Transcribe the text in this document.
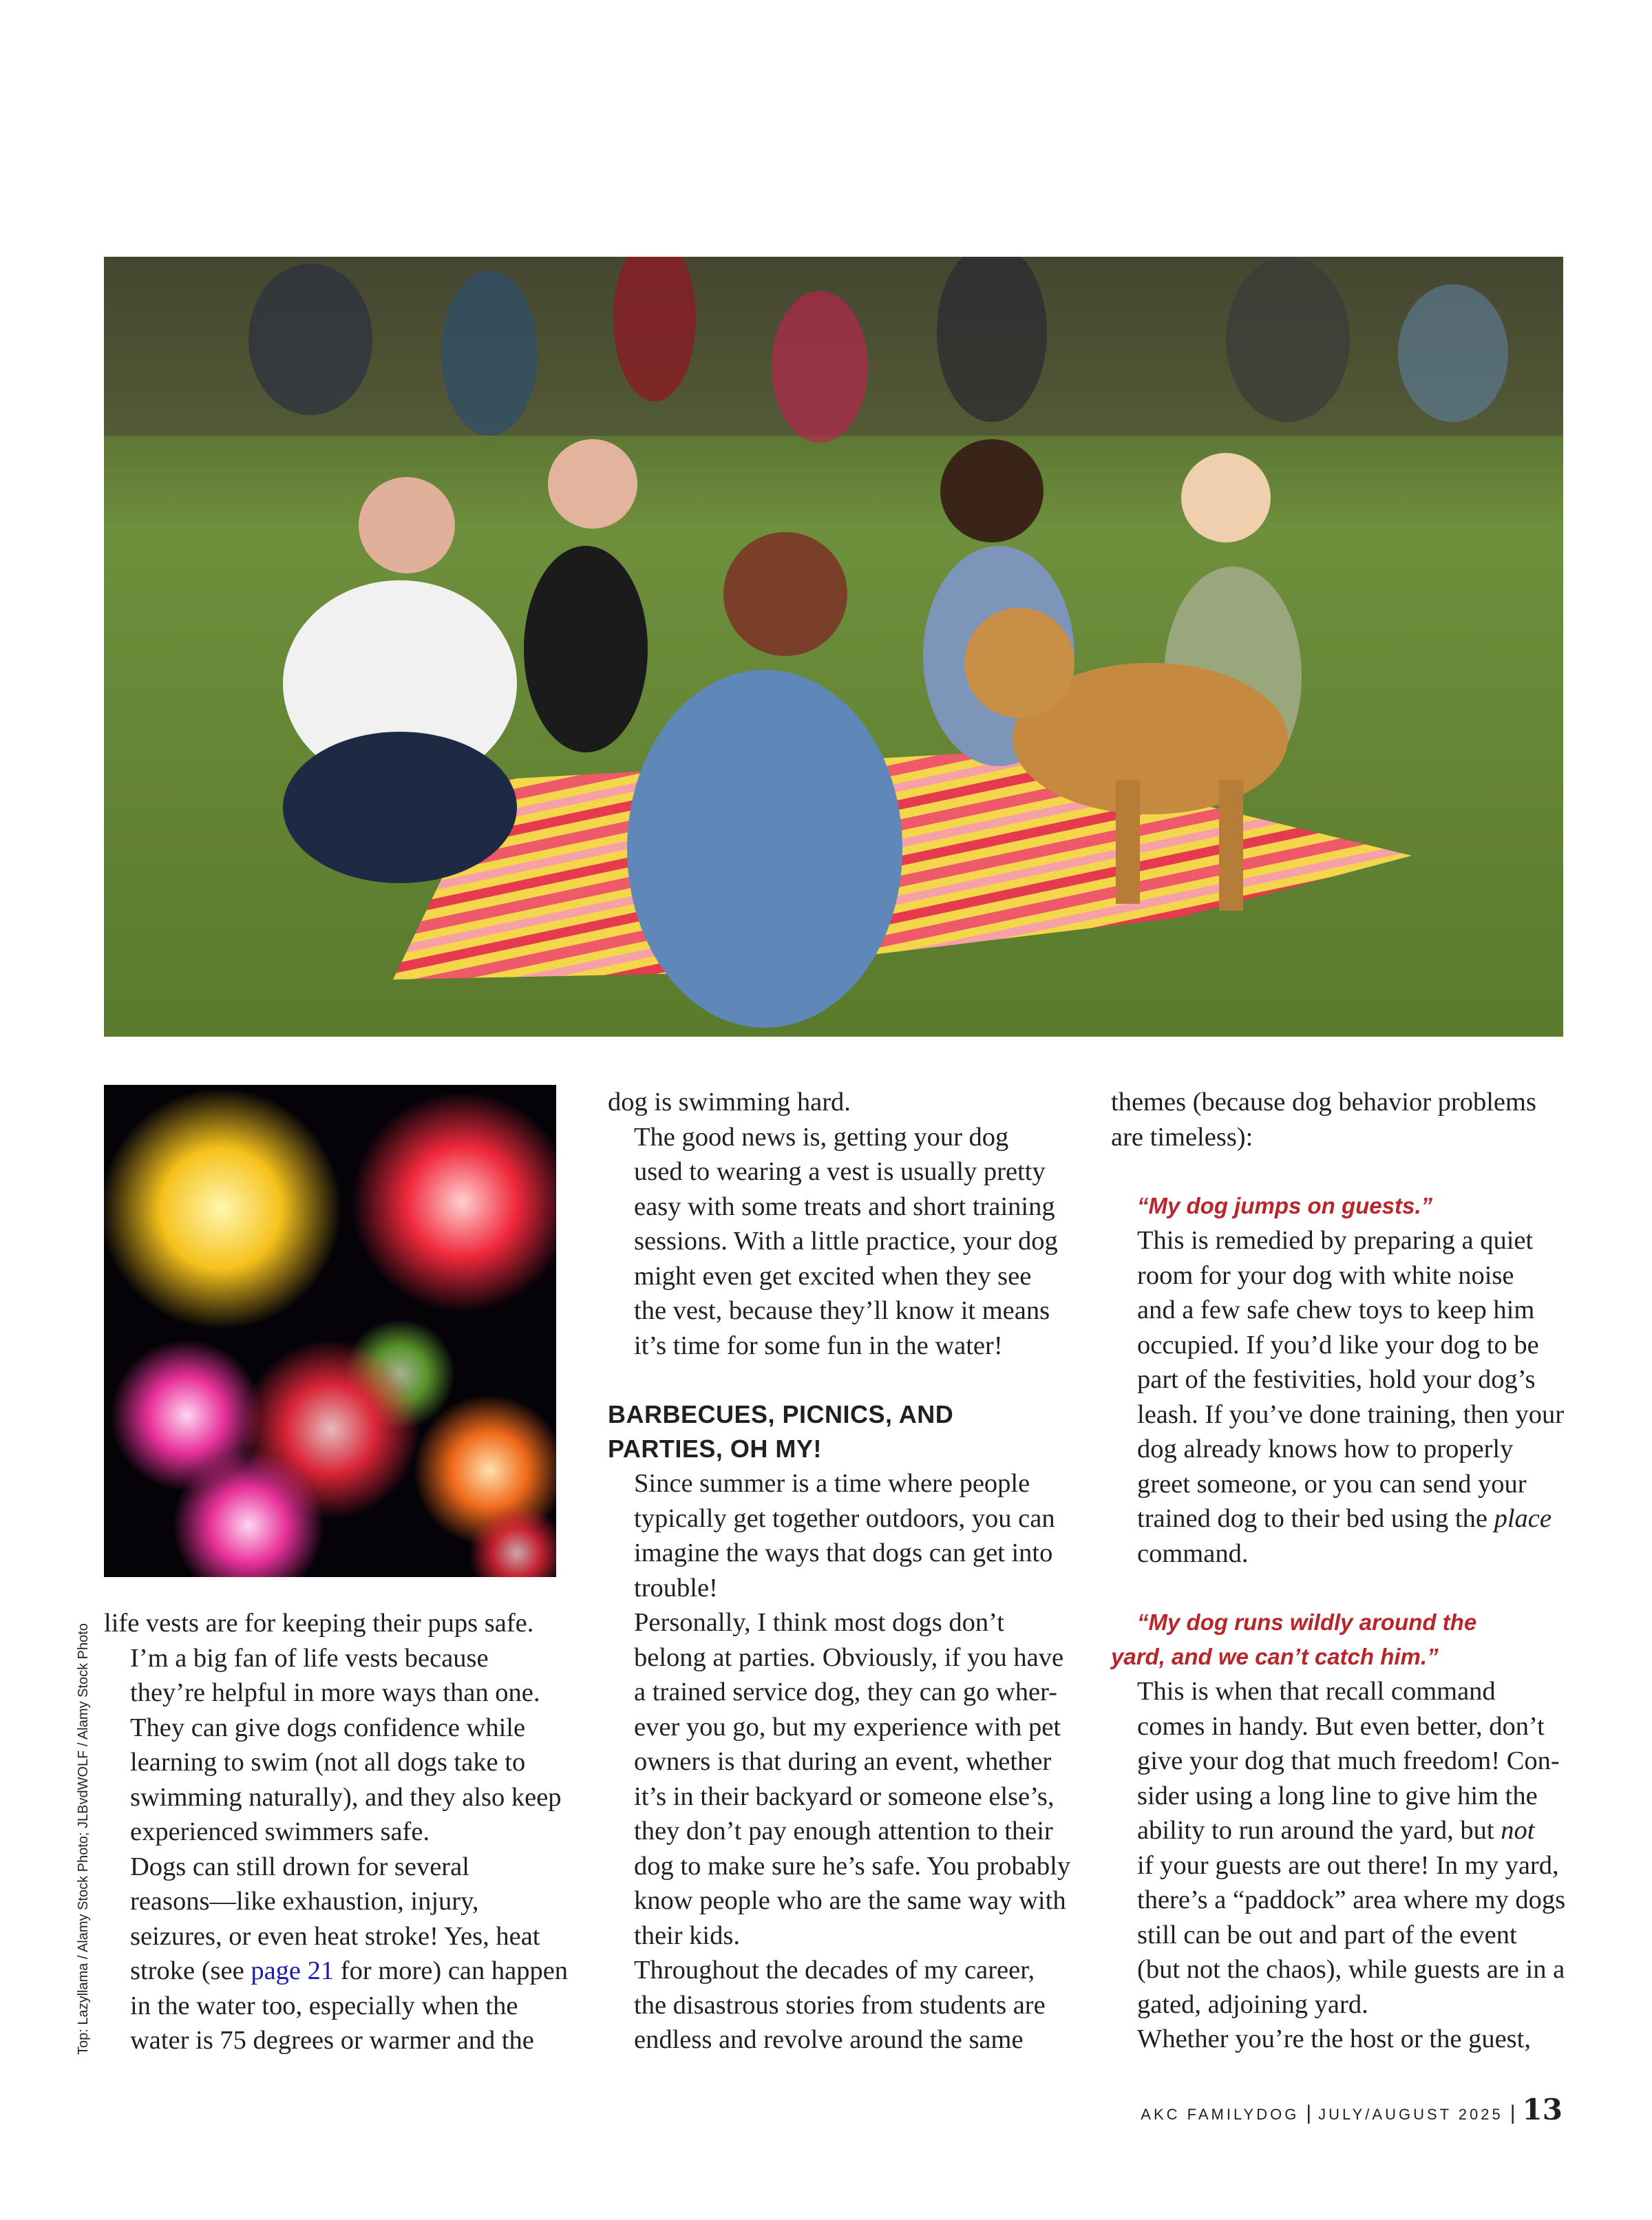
Top: Lazyllama / Alamy Stock Photo; JLBvdWOLF / Alamy Stock Photo

life vests are for keeping their pups safe.

I’m a big fan of life vests because
they’re helpful in more ways than one.
They can give dogs confidence while
learning to swim (not all dogs take to
swimming naturally), and they also keep
experienced swimmers safe.

Dogs can still drown for several
reasons—like exhaustion, injury,
seizures, or even heat stroke! Yes, heat
stroke (see page 21 for more) can happen
in the water too, especially when the
water is 75 degrees or warmer and the

dog is swimming hard.

The good news is, getting your dog
used to wearing a vest is usually pretty
easy with some treats and short training
sessions. With a little practice, your dog
might even get excited when they see
the vest, because they’ll know it means
it’s time for some fun in the water!

BARBECUES, PICNICS, AND
PARTIES, OH MY!

Since summer is a time where people
typically get together outdoors, you can
imagine the ways that dogs can get into
trouble!

Personally, I think most dogs don’t
belong at parties. Obviously, if you have
a trained service dog, they can go wher-
ever you go, but my experience with pet
owners is that during an event, whether
it’s in their backyard or someone else’s,
they don’t pay enough attention to their
dog to make sure he’s safe. You probably
know people who are the same way with
their kids.

Throughout the decades of my career,
the disastrous stories from students are
endless and revolve around the same

themes (because dog behavior problems
are timeless):

“My dog jumps on guests.”

This is remedied by preparing a quiet
room for your dog with white noise
and a few safe chew toys to keep him
occupied. If you’d like your dog to be
part of the festivities, hold your dog’s
leash. If you’ve done training, then your
dog already knows how to properly
greet someone, or you can send your
trained dog to their bed using the place
command.

“My dog runs wildly around the
yard, and we can’t catch him.”

This is when that recall command
comes in handy. But even better, don’t
give your dog that much freedom! Con-
sider using a long line to give him the
ability to run around the yard, but not
if your guests are out there! In my yard,
there’s a “paddock” area where my dogs
still can be out and part of the event
(but not the chaos), while guests are in a
gated, adjoining yard.

Whether you’re the host or the guest,

AKC FAMILYDOG | JULY/AUGUST 2025 | 13
